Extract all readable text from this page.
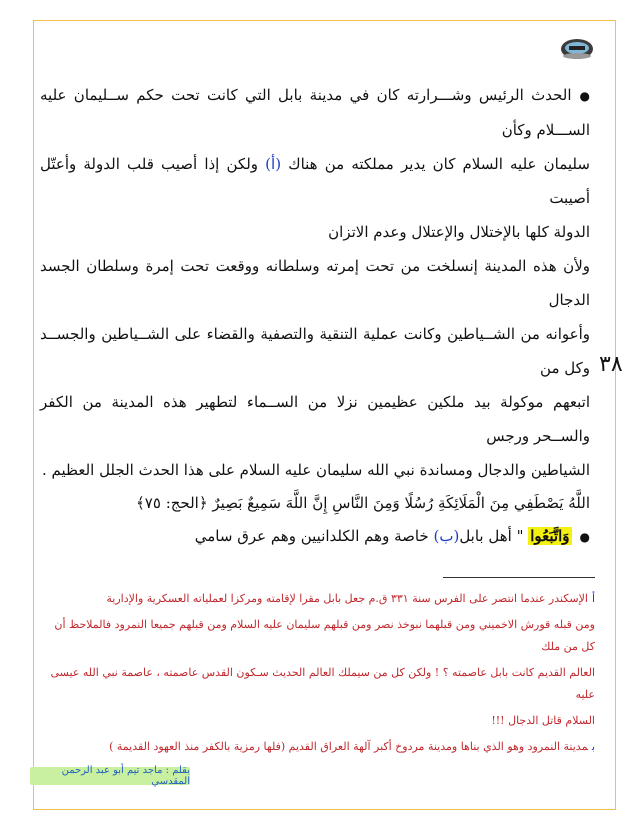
●الحدث الرئيس وشـــرارته كان في مدينة بابل التي كانت تحت حكم ســليمان عليه الســـلام وكأن

سليمان عليه السلام كان يدير مملكته من هناك (أ) ولكن إذا أصيب قلب الدولة وأعتّل أصيبت

الدولة كلها بالإختلال والإعتلال وعدم الاتزان

ولأن هذه المدينة إنسلخت من تحت إمرته وسلطانه ووقعت تحت إمرة وسلطان الجسد الدجال

وأعوانه من الشــياطين وكانت عملية التنقية والتصفية والقضاء على الشــياطين والجســد وكل من

اتبعهم موكولة بيد ملكين عظيمين نزلا من الســماء لتطهير هذه المدينة من الكفر والســحر ورجس

الشياطين والدجال ومساندة نبي الله سليمان عليه السلام على هذا الحدث الجلل العظيم .

اللَّهُ يَصْطَفِي مِنَ الْمَلَائِكَةِ رُسُلًا وَمِنَ النَّاسِ إِنَّ اللَّهَ سَمِيعٌ بَصِيرٌ ﴿الحج: ٧٥﴾

●وَاتَّبَعُوا " أهل بابل(ب) خاصة وهم الكلدانيين وهم عرق سامي

٣٨

أالإسكندر عندما انتصر على الفرس سنة ٣٣١ ق.م جعل بابل مقرا لإقامته ومركزا لعملياته العسكرية والإدارية

ومن قبله قورش الاخميني ومن قبلهما نبوخذ نصر ومن قبلهم سليمان عليه السلام ومن قبلهم جميعا النمرود فالملاحظ أن كل من ملك

العالم القديم كانت بابل عاصمته ؟ ! ولكن كل من سيملك العالم الحديث سـكون القدس عاصمته ، عاصمة نبي الله عيسى عليه

السلام قاتل الدجال !!!

بمدينة النمرود وهو الذي بناها ومدينة مردوخ أكبر آلهة العراق القديم (فلها رمزية بالكفر منذ العهود القديمة )

بقلم : ماجد تيم أبو عبد الرحمن المقدسي
